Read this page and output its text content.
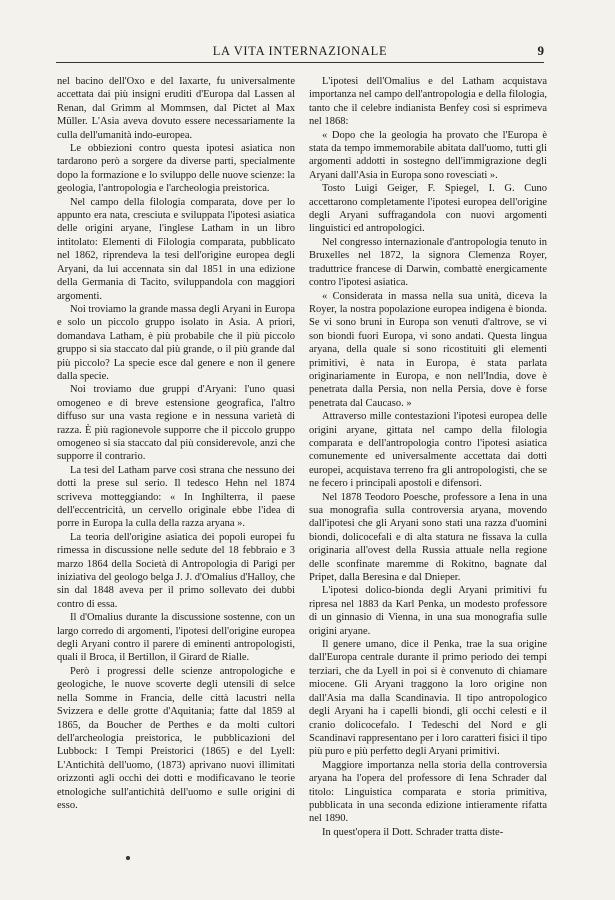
LA VITA INTERNAZIONALE	9

nel bacino dell'Oxo e del Iaxarte, fu universalmente accettata dai più insigni eruditi d'Europa dal Lassen al Renan, dal Grimm al Mommsen, dal Pictet al Max Müller. L'Asia aveva dovuto essere necessariamente la culla dell'umanità indo-europea.

Le obbiezioni contro questa ipotesi asiatica non tardarono però a sorgere da diverse parti, specialmente dopo la formazione e lo sviluppo delle nuove scienze: la geologia, l'antropologia e l'archeologia preistorica.

Nel campo della filologia comparata, dove per lo appunto era nata, cresciuta e sviluppata l'ipotesi asiatica delle origini aryane, l'inglese Latham in un libro intitolato: Elementi di Filologia comparata, pubblicato nel 1862, riprendeva la tesi dell'origine europea degli Aryani, da lui accennata sin dal 1851 in una edizione della Germania di Tacito, sviluppandola con maggiori argomenti.

Noi troviamo la grande massa degli Aryani in Europa e solo un piccolo gruppo isolato in Asia. A priori, domandava Latham, è più probabile che il più piccolo gruppo si sia staccato dal più grande, o il più grande dal più piccolo? La specie esce dal genere e non il genere dalla specie.

Noi troviamo due gruppi d'Aryani: l'uno quasi omogeneo e di breve estensione geografica, l'altro diffuso sur una vasta regione e in nessuna varietà di razza. È più ragionevole supporre che il piccolo gruppo omogeneo si sia staccato dal più considerevole, anzi che supporre il contrario.

La tesi del Latham parve così strana che nessuno dei dotti la prese sul serio. Il tedesco Hehn nel 1874 scriveva motteggiando: « In Inghilterra, il paese dell'eccentricità, un cervello originale ebbe l'idea di porre in Europa la culla della razza aryana ».

La teoria dell'origine asiatica dei popoli europei fu rimessa in discussione nelle sedute del 18 febbraio e 3 marzo 1864 della Società di Antropologia di Parigi per iniziativa del geologo belga J. J. d'Omalius d'Halloy, che sin dal 1848 aveva per il primo sollevato dei dubbi contro di essa.

Il d'Omalius durante la discussione sostenne, con un largo corredo di argomenti, l'ipotesi dell'origine europea degli Aryani contro il parere di eminenti antropologisti, quali il Broca, il Bertillon, il Girard de Rialle.

Però i progressi delle scienze antropologiche e geologiche, le nuove scoverte degli utensili di selce nella Somme in Francia, delle città lacustri nella Svizzera e delle grotte d'Aquitania; fatte dal 1859 al 1865, da Boucher de Perthes e da molti cultori dell'archeologia preistorica, le pubblicazioni del Lubbock: I Tempi Preistorici (1865) e del Lyell: L'Antichità dell'uomo, (1873) aprivano nuovi illimitati orizzonti agli occhi dei dotti e modificavano le teorie etnologiche sull'antichità dell'uomo e sulle origini di esso.

L'ipotesi dell'Omalius e del Latham acquistava importanza nel campo dell'antropologia e della filologia, tanto che il celebre indianista Benfey così si esprimeva nel 1868:

« Dopo che la geologia ha provato che l'Europa è stata da tempo immemorabile abitata dall'uomo, tutti gli argomenti addotti in sostegno dell'immigrazione degli Aryani dall'Asia in Europa sono rovesciati ».

Tosto Luigi Geiger, F. Spiegel, I. G. Cuno accettarono completamente l'ipotesi europea dell'origine degli Aryani suffragandola con nuovi argomenti linguistici ed antropologici.

Nel congresso internazionale d'antropologia tenuto in Bruxelles nel 1872, la signora Clemenza Royer, traduttrice francese di Darwin, combattè energicamente contro l'ipotesi asiatica.

« Considerata in massa nella sua unità, diceva la Royer, la nostra popolazione europea indigena è bionda. Se vi sono bruni in Europa son venuti d'altrove, se vi son biondi fuori Europa, vi sono andati. Questa lingua aryana, della quale si sono ricostituiti gli elementi primitivi, è nata in Europa, è stata parlata originariamente in Europa, e non nell'India, dove è penetrata dalla Persia, non nella Persia, dove è forse penetrata dal Caucaso. »

Attraverso mille contestazioni l'ipotesi europea delle origini aryane, gittata nel campo della filologia comparata e dell'antropologia contro l'ipotesi asiatica comunemente ed universalmente accettata dai dotti europei, acquistava terreno fra gli antropologisti, che se ne fecero i principali apostoli e difensori.

Nel 1878 Teodoro Poesche, professore a Iena in una sua monografia sulla controversia aryana, movendo dall'ipotesi che gli Aryani sono stati una razza d'uomini biondi, dolicocefali e di alta statura ne fissava la culla originaria all'ovest della Russia attuale nella regione delle sconfinate maremme di Rokitno, bagnate dal Pripet, dalla Beresina e dal Dnieper.

L'ipotesi dolico-bionda degli Aryani primitivi fu ripresa nel 1883 da Karl Penka, un modesto professore di un ginnasio di Vienna, in una sua monografia sulle origini aryane.

Il genere umano, dice il Penka, trae la sua origine dall'Europa centrale durante il primo periodo dei tempi terziari, che da Lyell in poi si è convenuto di chiamare miocene. Gli Aryani traggono la loro origine non dall'Asia ma dalla Scandinavia. Il tipo antropologico degli Aryani ha i capelli biondi, gli occhi celesti e il cranio dolicocefalo. I Tedeschi del Nord e gli Scandinavi rappresentano per i loro caratteri fisici il tipo più puro e più perfetto degli Aryani primitivi.

Maggiore importanza nella storia della controversia aryana ha l'opera del professore di Iena Schrader dal titolo: Linguistica comparata e storia primitiva, pubblicata in una seconda edizione intieramente rifatta nel 1890.

In quest'opera il Dott. Schrader tratta diste-
